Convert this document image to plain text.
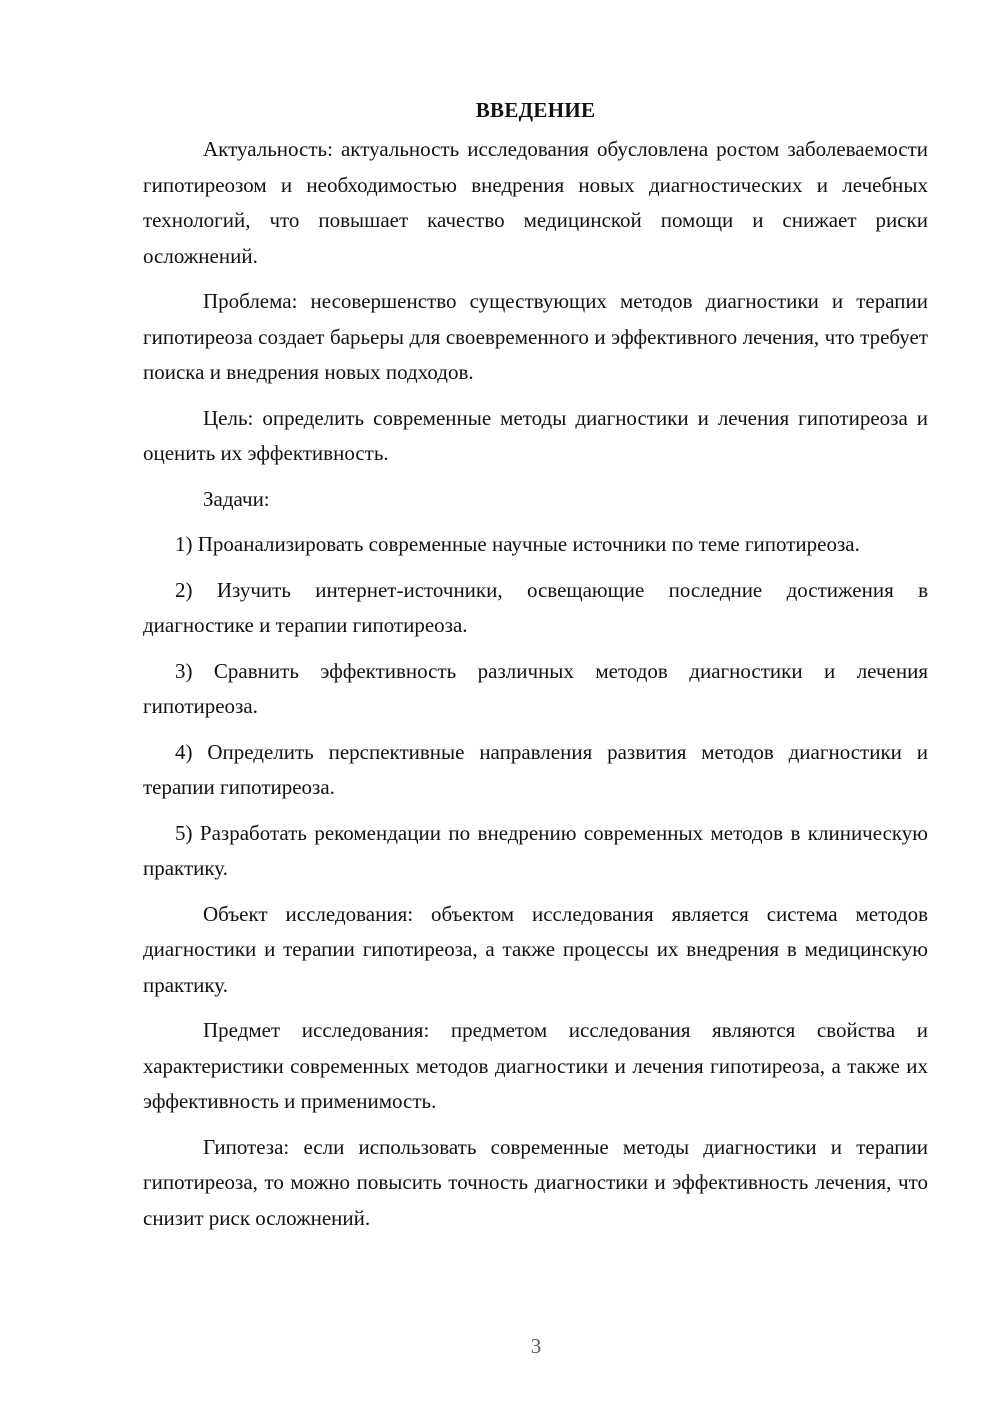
ВВЕДЕНИЕ

Актуальность: актуальность исследования обусловлена ростом заболеваемости гипотиреозом и необходимостью внедрения новых диагностических и лечебных технологий, что повышает качество медицинской помощи и снижает риски осложнений.

Проблема: несовершенство существующих методов диагностики и терапии гипотиреоза создает барьеры для своевременного и эффективного лечения, что требует поиска и внедрения новых подходов.

Цель: определить современные методы диагностики и лечения гипотиреоза и оценить их эффективность.

Задачи:

1) Проанализировать современные научные источники по теме гипотиреоза.

2) Изучить интернет-источники, освещающие последние достижения в диагностике и терапии гипотиреоза.

3) Сравнить эффективность различных методов диагностики и лечения гипотиреоза.

4) Определить перспективные направления развития методов диагностики и терапии гипотиреоза.

5) Разработать рекомендации по внедрению современных методов в клиническую практику.

Объект исследования: объектом исследования является система методов диагностики и терапии гипотиреоза, а также процессы их внедрения в медицинскую практику.

Предмет исследования: предметом исследования являются свойства и характеристики современных методов диагностики и лечения гипотиреоза, а также их эффективность и применимость.

Гипотеза: если использовать современные методы диагностики и терапии гипотиреоза, то можно повысить точность диагностики и эффективность лечения, что снизит риск осложнений.

3
